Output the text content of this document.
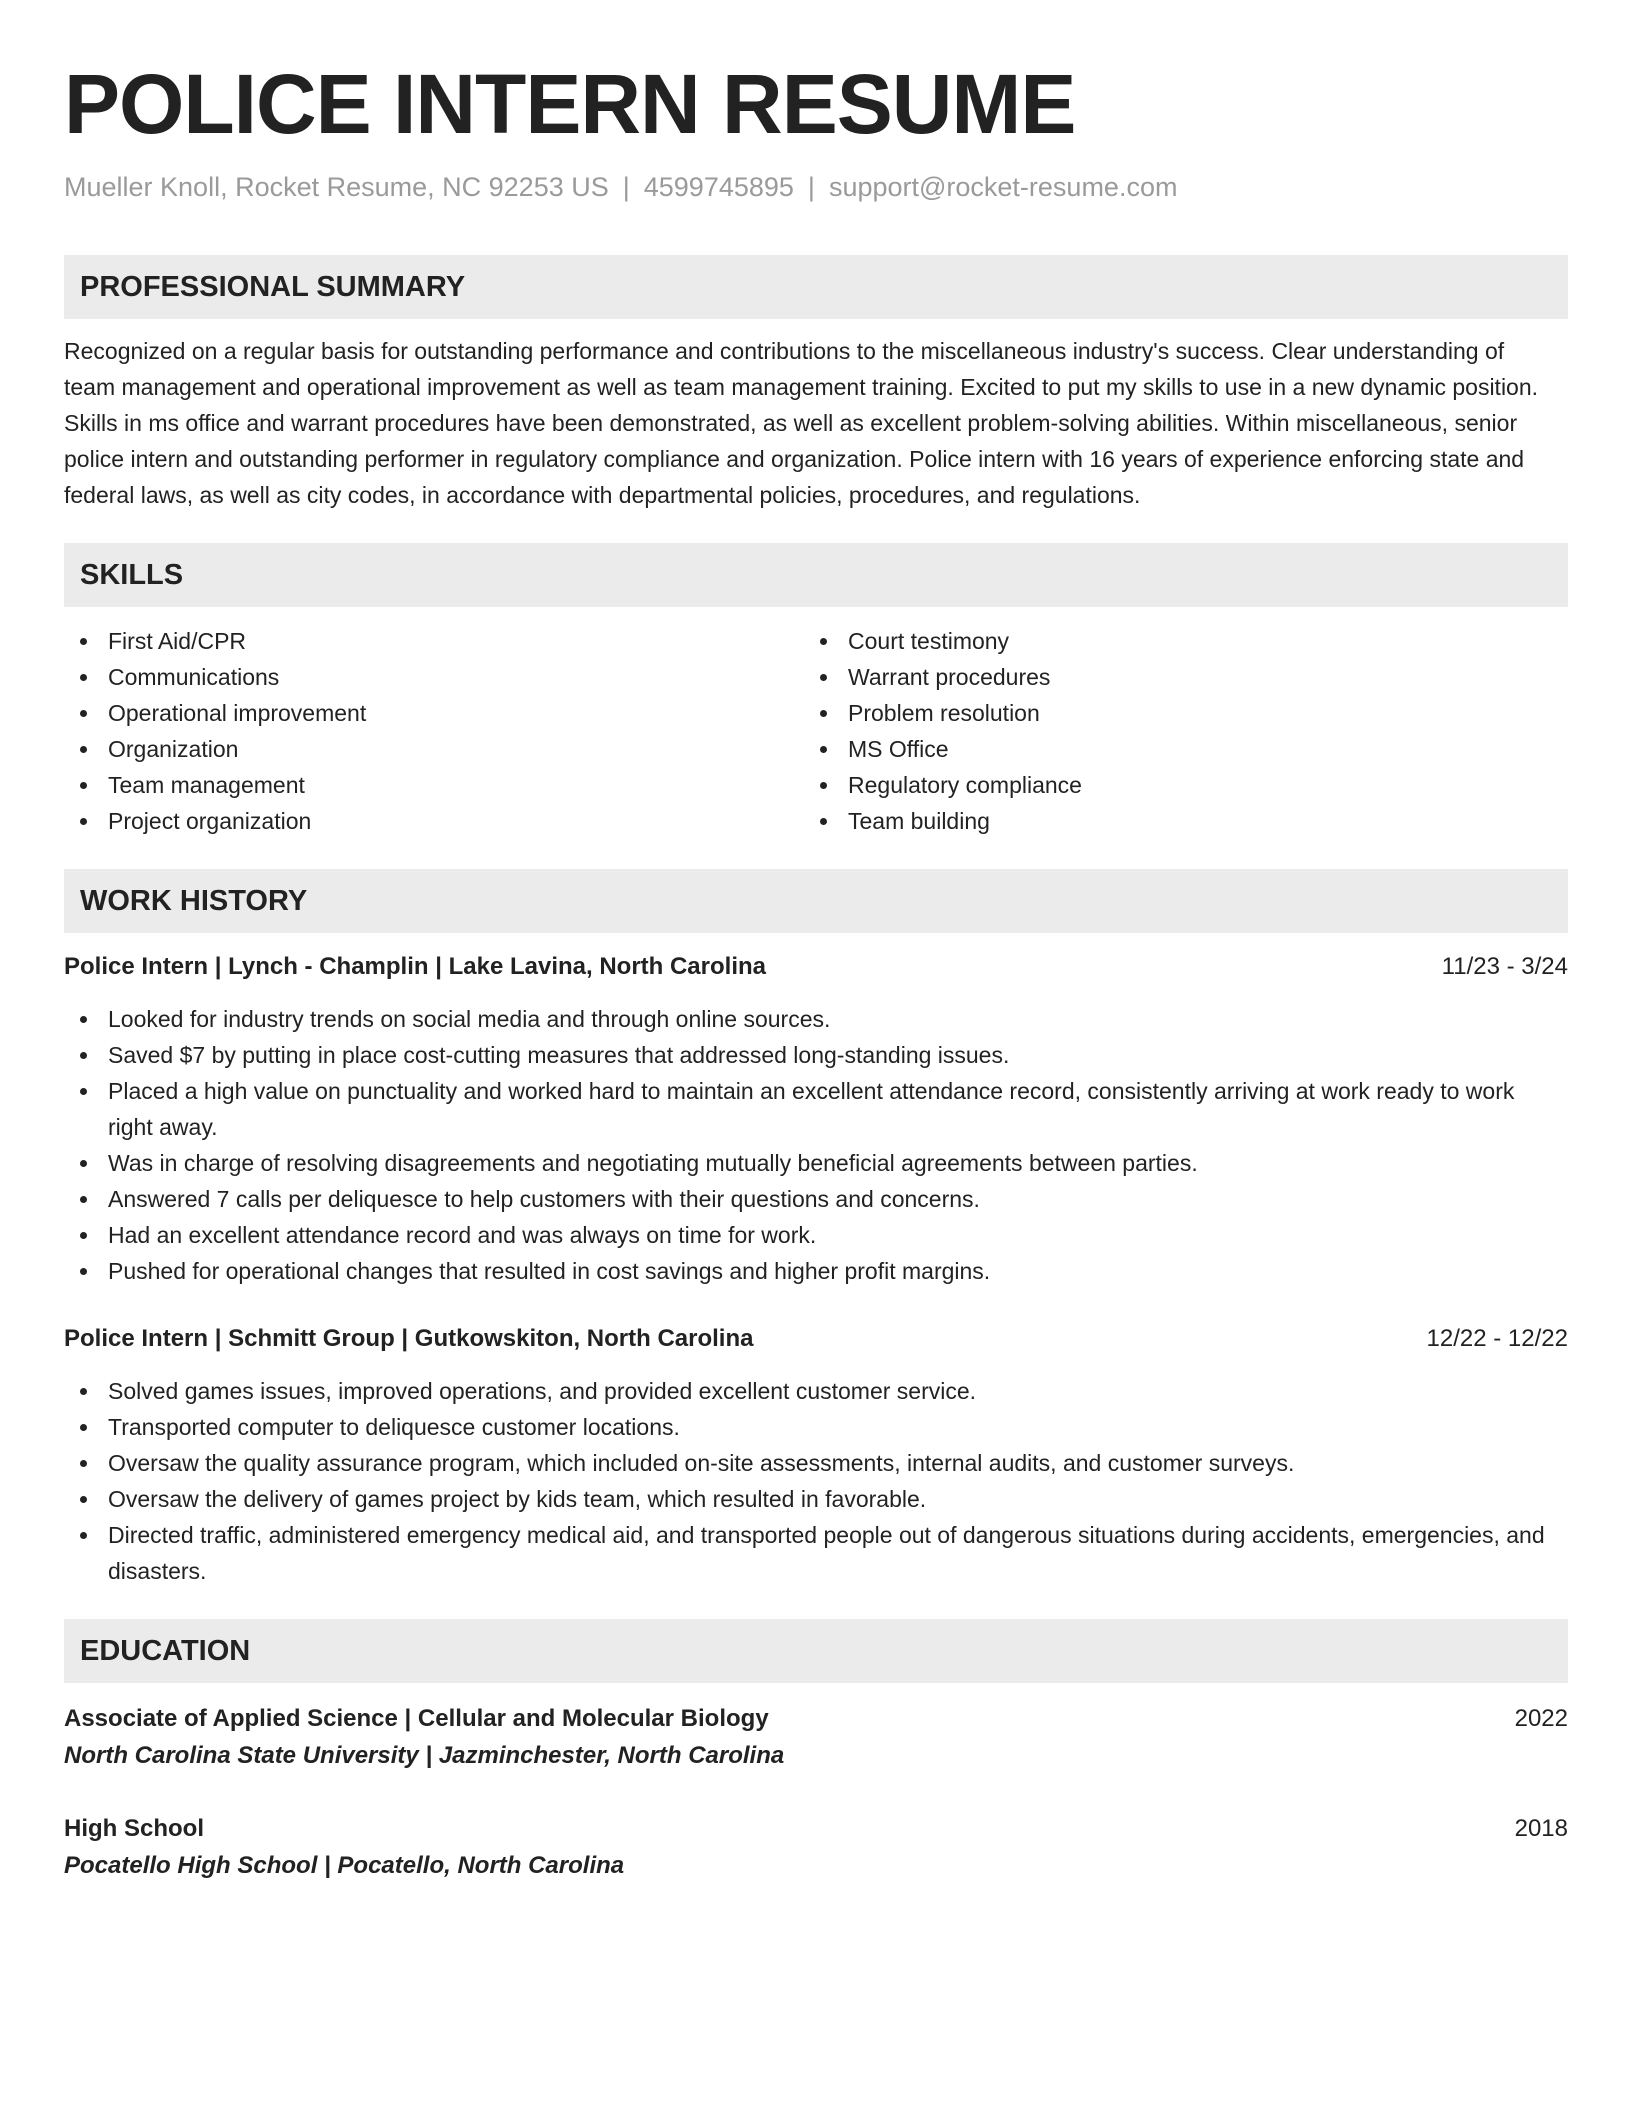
POLICE INTERN RESUME
Mueller Knoll, Rocket Resume, NC 92253 US | 4599745895 | support@rocket-resume.com
PROFESSIONAL SUMMARY

Recognized on a regular basis for outstanding performance and contributions to the miscellaneous industry's success. Clear understanding of team management and operational improvement as well as team management training. Excited to put my skills to use in a new dynamic position. Skills in ms office and warrant procedures have been demonstrated, as well as excellent problem-solving abilities. Within miscellaneous, senior police intern and outstanding performer in regulatory compliance and organization. Police intern with 16 years of experience enforcing state and federal laws, as well as city codes, in accordance with departmental policies, procedures, and regulations.

SKILLS
First Aid/CPR
Communications
Operational improvement
Organization
Team management
Project organization
Court testimony
Warrant procedures
Problem resolution
MS Office
Regulatory compliance
Team building
WORK HISTORY
Police Intern | Lynch - Champlin | Lake Lavina, North Carolina	11/23 - 3/24
Looked for industry trends on social media and through online sources.
Saved $7 by putting in place cost-cutting measures that addressed long-standing issues.
Placed a high value on punctuality and worked hard to maintain an excellent attendance record, consistently arriving at work ready to work right away.
Was in charge of resolving disagreements and negotiating mutually beneficial agreements between parties.
Answered 7 calls per deliquesce to help customers with their questions and concerns.
Had an excellent attendance record and was always on time for work.
Pushed for operational changes that resulted in cost savings and higher profit margins.
Police Intern | Schmitt Group | Gutkowskiton, North Carolina	12/22 - 12/22
Solved games issues, improved operations, and provided excellent customer service.
Transported computer to deliquesce customer locations.
Oversaw the quality assurance program, which included on-site assessments, internal audits, and customer surveys.
Oversaw the delivery of games project by kids team, which resulted in favorable.
Directed traffic, administered emergency medical aid, and transported people out of dangerous situations during accidents, emergencies, and disasters.
EDUCATION
Associate of Applied Science | Cellular and Molecular Biology	2022
North Carolina State University | Jazminchester, North Carolina
High School	2018
Pocatello High School | Pocatello, North Carolina
